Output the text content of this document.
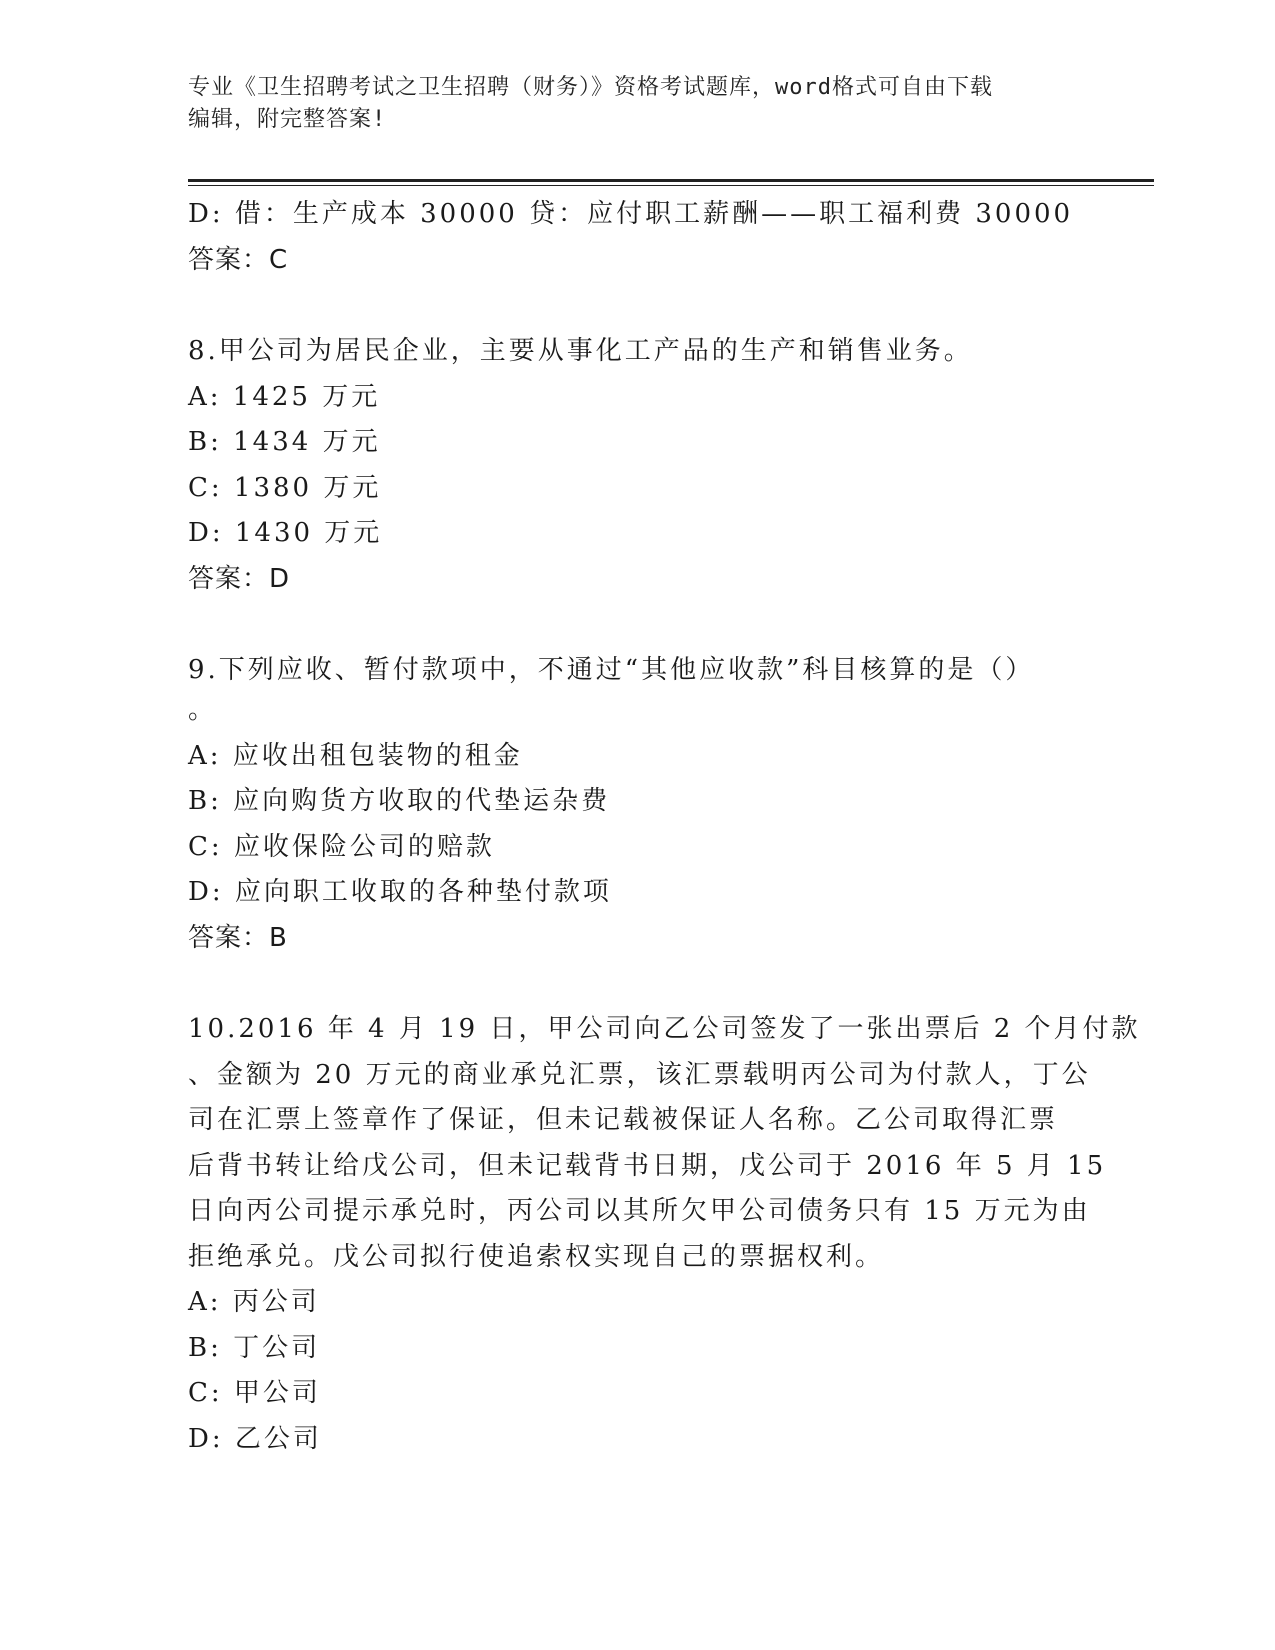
专业《卫生招聘考试之卫生招聘（财务）》资格考试题库，word格式可自由下载
编辑，附完整答案!
D: 借：生产成本 30000 贷：应付职工薪酬——职工福利费 30000
答案：C
8.甲公司为居民企业，主要从事化工产品的生产和销售业务。
A: 1425 万元
B: 1434 万元
C: 1380 万元
D: 1430 万元
答案：D
9.下列应收、暂付款项中，不通过“其他应收款”科目核算的是（）
。
A: 应收出租包装物的租金
B: 应向购货方收取的代垫运杂费
C: 应收保险公司的赔款
D: 应向职工收取的各种垫付款项
答案：B
10.2016 年 4 月 19 日，甲公司向乙公司签发了一张出票后 2 个月付款
、金额为 20 万元的商业承兑汇票，该汇票载明丙公司为付款人，丁公
司在汇票上签章作了保证，但未记载被保证人名称。乙公司取得汇票
后背书转让给戊公司，但未记载背书日期，戊公司于 2016 年 5 月 15
日向丙公司提示承兑时，丙公司以其所欠甲公司债务只有 15 万元为由
拒绝承兑。戊公司拟行使追索权实现自己的票据权利。
A: 丙公司
B: 丁公司
C: 甲公司
D: 乙公司
